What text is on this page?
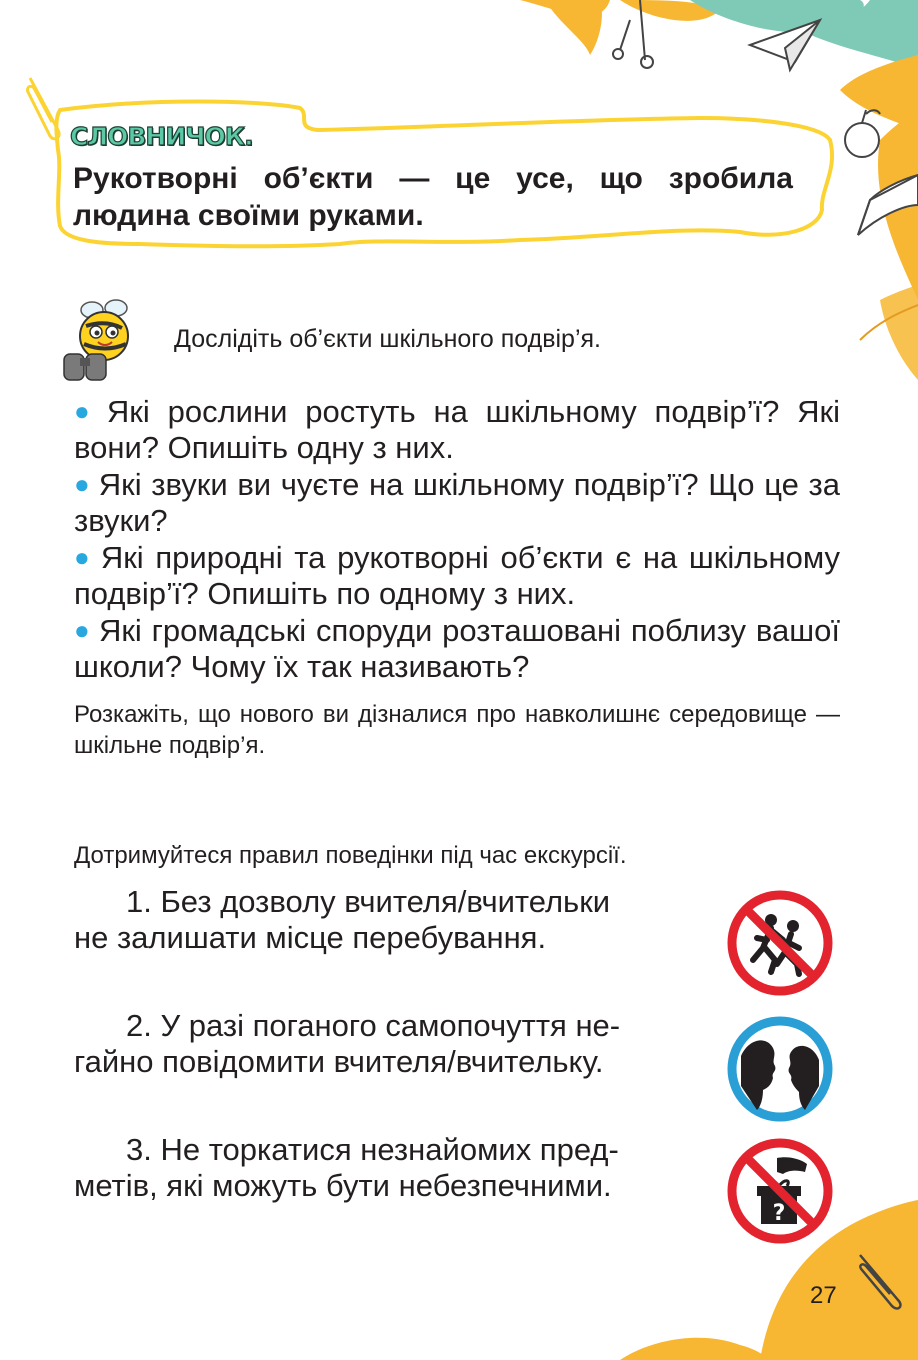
СЛОВНИЧОК.
Рукотворні об’єкти — це усе, що зробила людина своїми руками.
Дослідіть об’єкти шкільного подвір’я.

● Які рослини ростуть на шкільному подвір’ї? Які вони? Опишіть одну з них.

● Які звуки ви чуєте на шкільному подвір’ї? Що це за звуки?

● Які природні та рукотворні об’єкти є на шкільному подвір’ї? Опишіть по одному з них.

● Які громадські споруди розташовані поблизу вашої школи? Чому їх так називають?

Розкажіть, що нового ви дізналися про навколишнє середовище — шкільне подвір’я.
Дотримуйтеся правил поведінки під час екскурсії.
1. Без дозволу вчителя/вчительки
не залишати місце перебування.
2. У разі поганого самопочуття не-
гайно повідомити вчителя/вчительку.
3. Не торкатися незнайомих пред-
метів, які можуть бути небезпечними.
?
27
